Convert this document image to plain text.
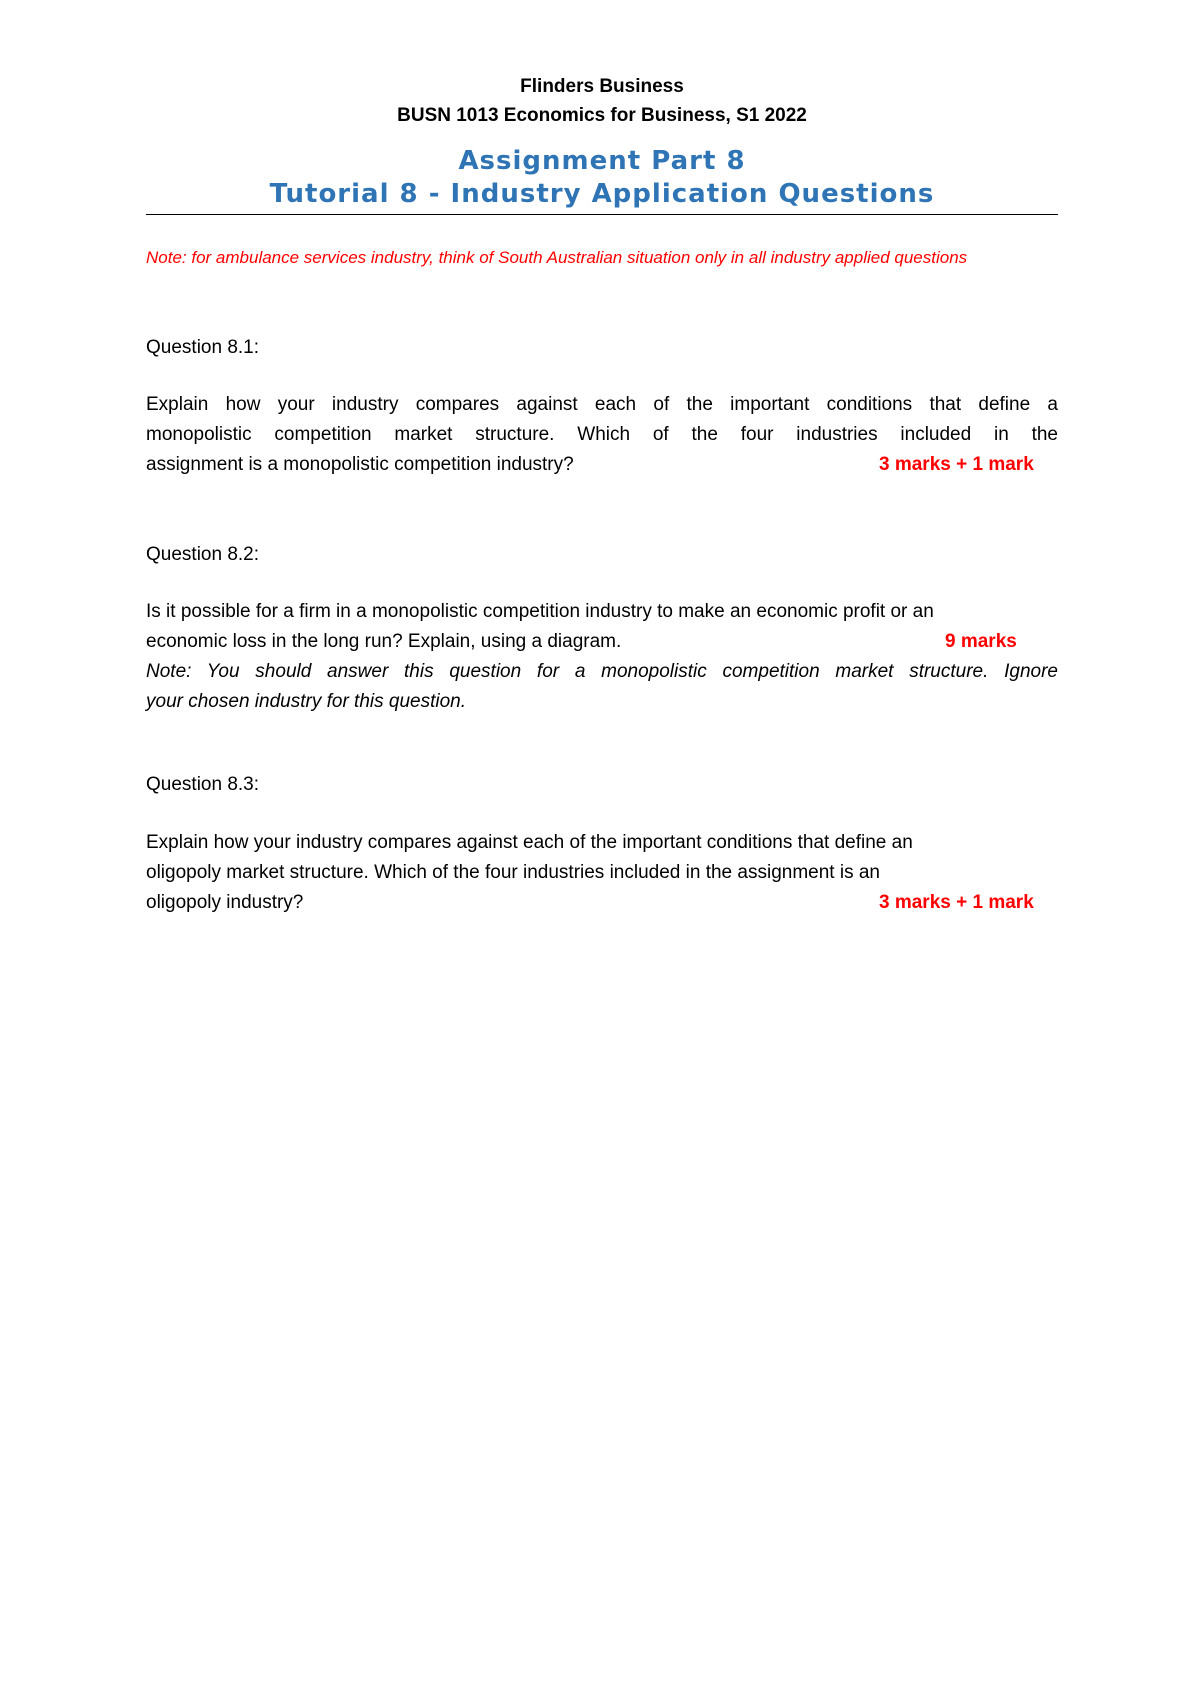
Flinders Business
BUSN 1013 Economics for Business, S1 2022
Assignment Part 8
Tutorial 8 - Industry Application Questions
Note: for ambulance services industry, think of South Australian situation only in all industry applied questions
Question 8.1:
Explain how your industry compares against each of the important conditions that define a
monopolistic competition market structure. Which of the four industries included in the
assignment is a monopolistic competition industry?	3 marks + 1 mark
Question 8.2:
Is it possible for a firm in a monopolistic competition industry to make an economic profit or an
economic loss in the long run? Explain, using a diagram.	9 marks
Note: You should answer this question for a monopolistic competition market structure. Ignore
your chosen industry for this question.
Question 8.3:
Explain how your industry compares against each of the important conditions that define an
oligopoly market structure. Which of the four industries included in the assignment is an
oligopoly industry?	3 marks + 1 mark
